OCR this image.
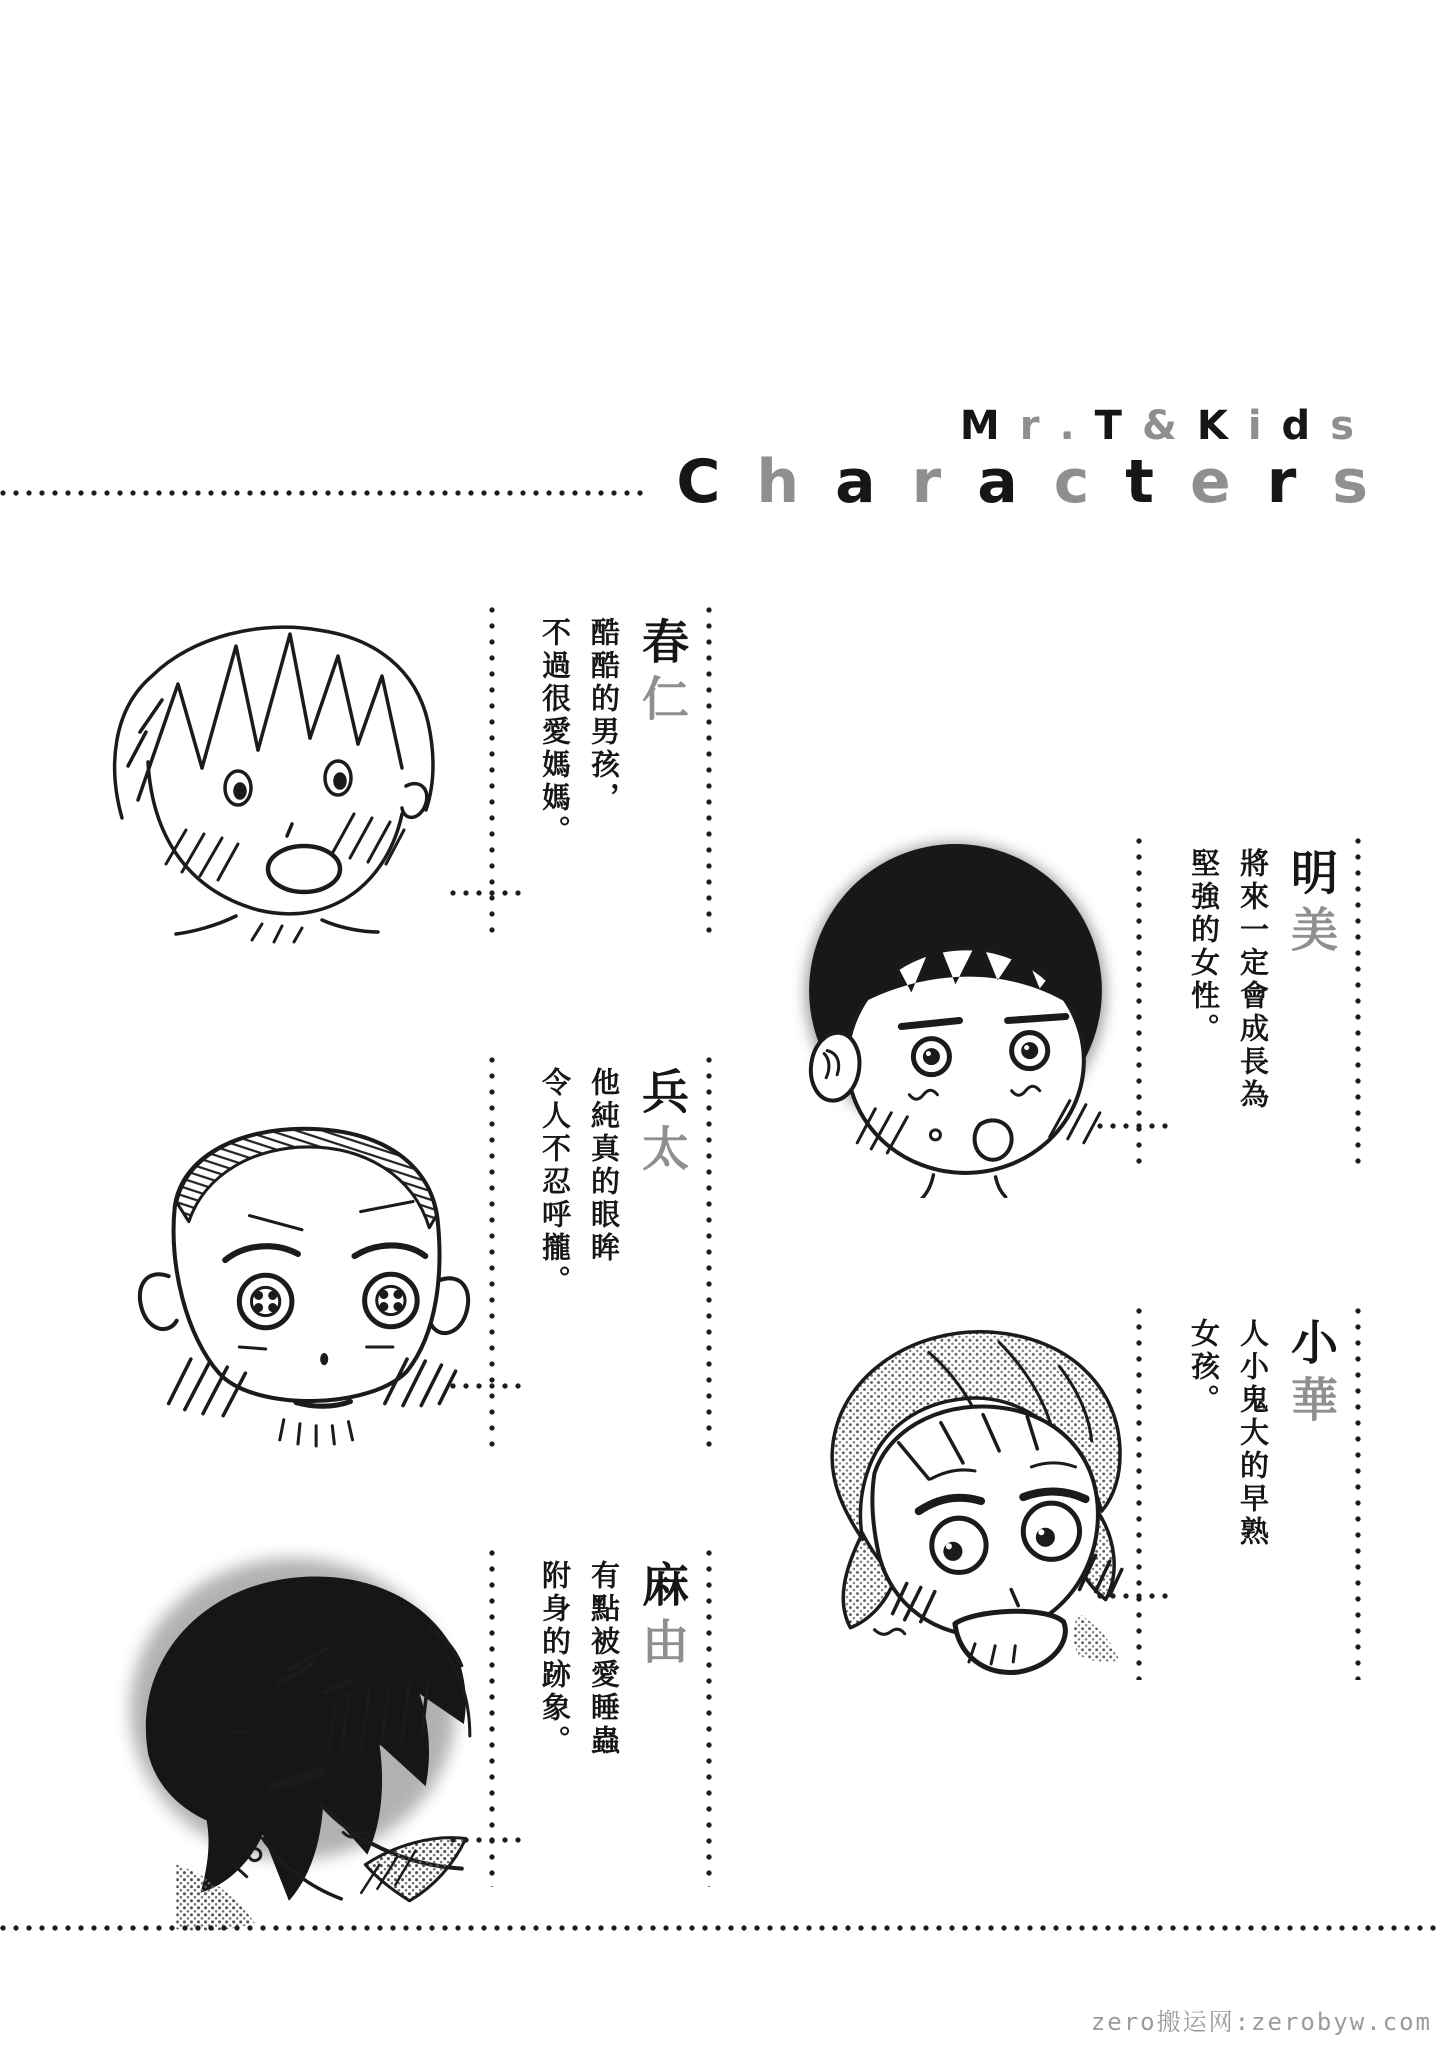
M r . T & K i d s
C h a r a c t e r s
春仁
酷酷的男孩，
不過很愛媽媽。
明美
將來一定會成長為
堅強的女性。
兵太
他純真的眼眸
令人不忍呼攏。
小華
人小鬼大的早熟
女孩。
麻由
有點被愛睡蟲
附身的跡象。
zero搬运网:zerobyw.com
